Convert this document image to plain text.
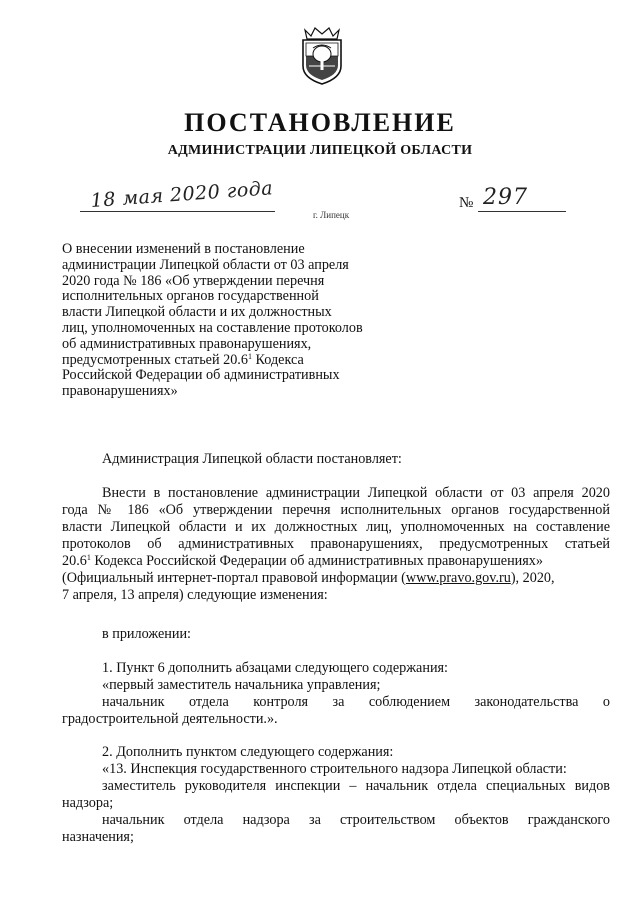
ПОСТАНОВЛЕНИЕ
АДМИНИСТРАЦИИ ЛИПЕЦКОЙ ОБЛАСТИ
18 мая 2020 года
г. Липецк
№ 297
О внесении изменений в постановление
администрации Липецкой области от 03 апреля
2020 года № 186 «Об утверждении перечня
исполнительных органов государственной
власти Липецкой области и их должностных
лиц, уполномоченных на составление протоколов
об административных правонарушениях,
предусмотренных статьей 20.6$^1$ Кодекса
Российской Федерации об административных
правонарушениях»
Администрация Липецкой области постановляет:
Внести в постановление администрации Липецкой области от 03 апреля 2020
года № 186 «Об утверждении перечня исполнительных органов государственной
власти Липецкой области и их должностных лиц, уполномоченных на составление
протоколов об административных правонарушениях, предусмотренных статьей
20.6$^1$ Кодекса Российской Федерации об административных правонарушениях»
(Официальный интернет-портал правовой информации (www.pravo.gov.ru), 2020,
7 апреля, 13 апреля) следующие изменения:
в приложении:
1. Пункт 6 дополнить абзацами следующего содержания:
«первый заместитель начальника управления;
начальник отдела контроля за соблюдением законодательства о
градостроительной деятельности.».
2. Дополнить пунктом следующего содержания:
«13. Инспекция государственного строительного надзора Липецкой области:
заместитель руководителя инспекции – начальник отдела специальных видов
надзора;
начальник отдела надзора за строительством объектов гражданского
назначения;
